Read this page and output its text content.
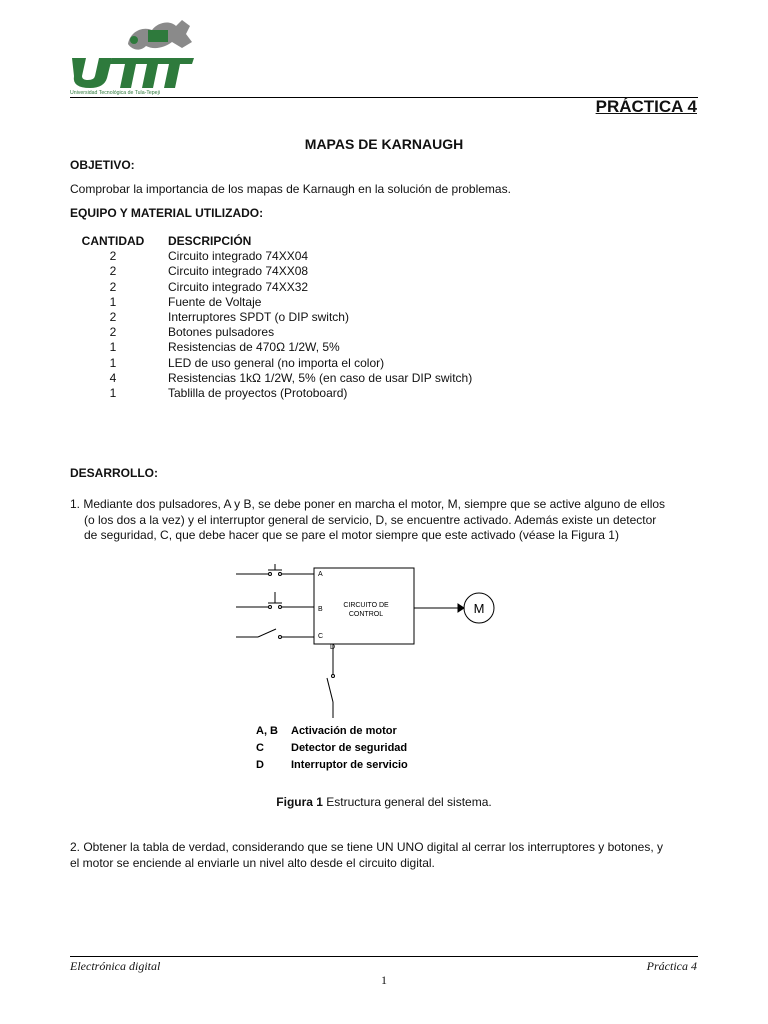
Universidad Tecnológica de Tula-Tepeji
PRÁCTICA 4
MAPAS DE KARNAUGH
OBJETIVO:
Comprobar la importancia de los mapas de Karnaugh en la solución de problemas.
EQUIPO Y MATERIAL UTILIZADO:
CANTIDAD	DESCRIPCIÓN
2	Circuito integrado 74XX04
2	Circuito integrado 74XX08
2	Circuito integrado 74XX32
1	Fuente de Voltaje
2	Interruptores SPDT (o DIP switch)
2	Botones pulsadores
1	Resistencias de 470Ω 1/2W, 5%
1	LED de uso general (no importa el color)
4	Resistencias 1kΩ 1/2W, 5% (en caso de usar DIP switch)
1	Tablilla de proyectos (Protoboard)
DESARROLLO:
1. Mediante dos pulsadores, A y B, se debe poner en marcha el motor, M, siempre que se active alguno de ellos
(o los dos a la vez) y el interruptor general de servicio, D, se encuentre activado. Además existe un detector
de seguridad, C, que debe hacer que se pare el motor siempre que este activado (véase la Figura 1)
A
B
C
D
CIRCUITO DE
CONTROL	M
A, B Activación de motor
C Detector de seguridad
D Interruptor de servicio
Figura 1 Estructura general del sistema.
2. Obtener la tabla de verdad, considerando que se tiene UN UNO digital al cerrar los interruptores y botones, y
el motor se enciende al enviarle un nivel alto desde el circuito digital.
Electrónica digital	Práctica 4
1
